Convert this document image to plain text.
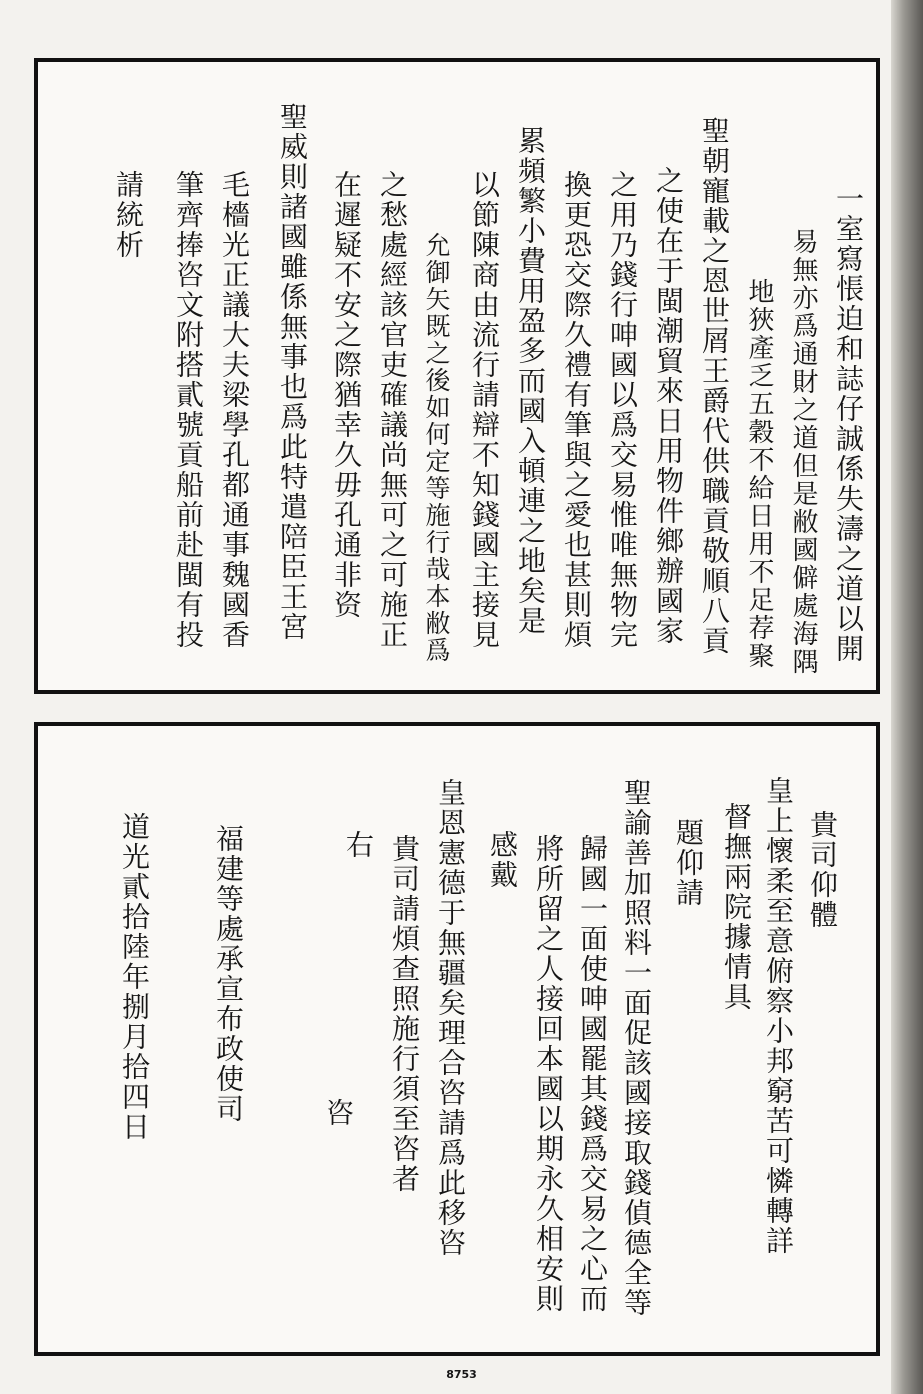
一室寫悵迫和誌仔誠係失濤之道以開
易無亦爲通財之道但是敝國僻處海隅
地狹產乏五穀不給日用不足荐聚
聖朝寵載之恩世屑王爵代供職貢敬順八貢
之使在于閩潮貿來日用物件鄉辦國家
之用乃錢行呻國以爲交易惟唯無物完
換更恐交際久禮有筆與之愛也甚則煩
累頻繁小費用盈多而國入頓連之地矣是
以節陳商由流行請辯不知錢國主接見
允御矢既之後如何定等施行哉本敝爲
之愁處經該官吏確議尚無可之可施正
在遲疑不安之際猶幸久毋孔通非资
聖威則諸國雖係無事也爲此特遣陪臣王宮
毛檣光正議大夫梁學孔都通事魏國香
筆齊捧咨文附搭貳號貢船前赴閩有投
請統析
貴司仰體
皇上懷柔至意俯察小邦窮苦可憐轉詳
督撫兩院據情具
題仰請
聖諭善加照料一面促該國接取錢偵德全等
歸國一面使呻國罷其錢爲交易之心而
將所留之人接回本國以期永久相安則
感戴
皇恩憲德于無疆矣理合咨請爲此移咨
貴司請煩查照施行須至咨者
右
咨
福建等處承宣布政使司
道光貳拾陸年捌月拾四日
8753
